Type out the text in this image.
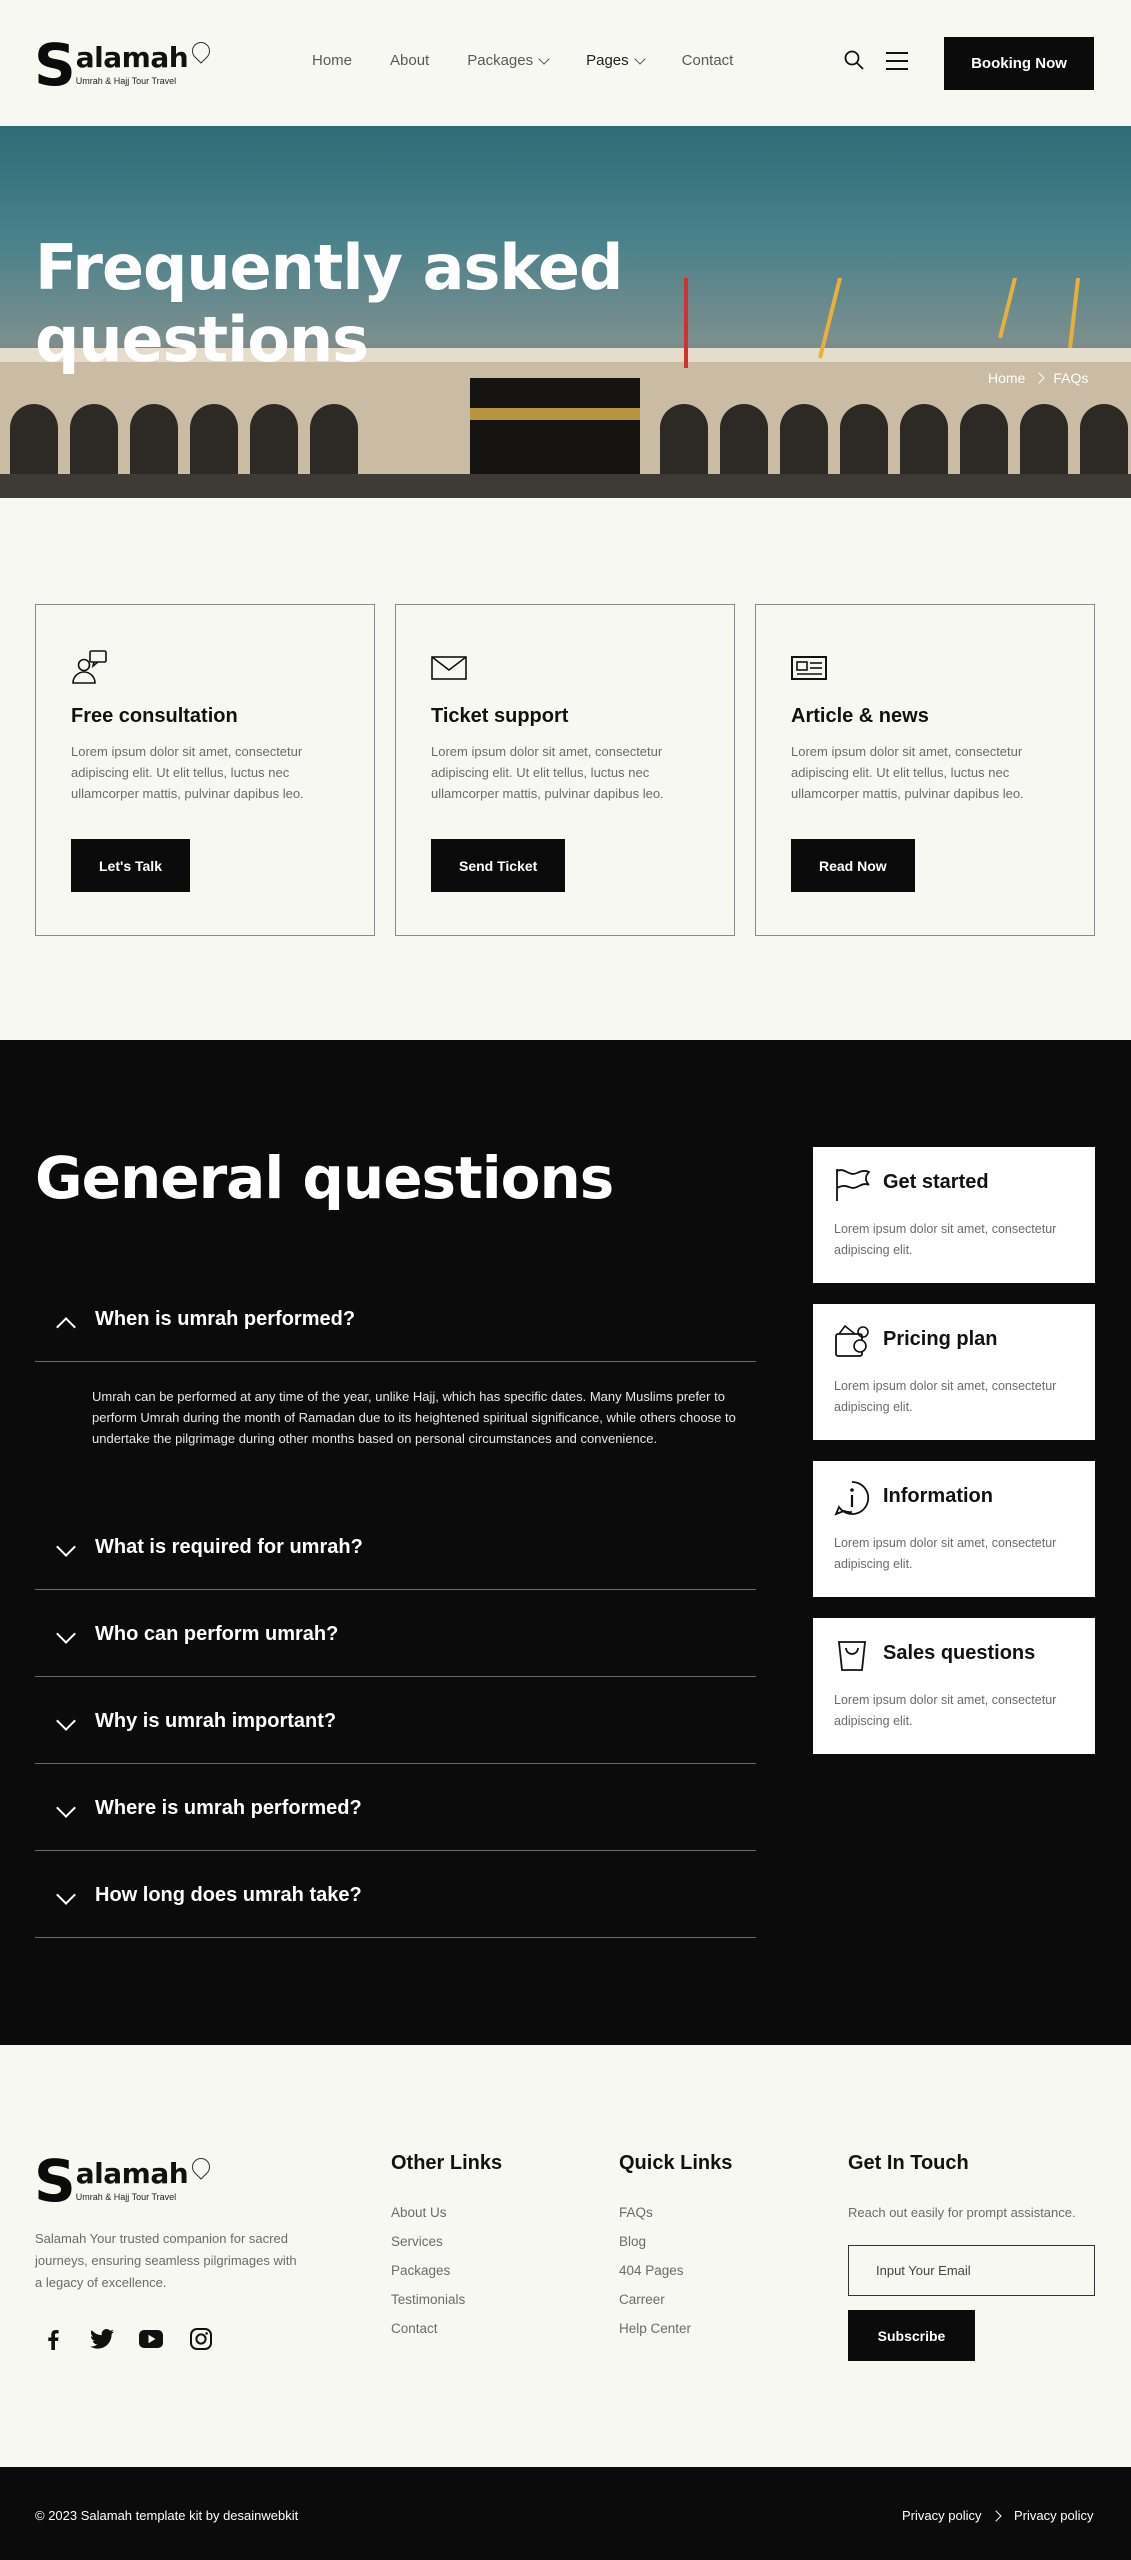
S alamah
Umrah & Hajj Tour Travel
Home	About	Packages	Pages	Contact	Booking Now
Frequently asked questions
Home FAQs
Free consultation
Lorem ipsum dolor sit amet, consectetur adipiscing elit. Ut elit tellus, luctus nec ullamcorper mattis, pulvinar dapibus leo.
Let's Talk
Ticket support
Lorem ipsum dolor sit amet, consectetur adipiscing elit. Ut elit tellus, luctus nec ullamcorper mattis, pulvinar dapibus leo.
Send Ticket
Article & news
Lorem ipsum dolor sit amet, consectetur adipiscing elit. Ut elit tellus, luctus nec ullamcorper mattis, pulvinar dapibus leo.
Read Now
General questions
When is umrah performed?
Umrah can be performed at any time of the year, unlike Hajj, which has specific dates. Many Muslims prefer to perform Umrah during the month of Ramadan due to its heightened spiritual significance, while others choose to undertake the pilgrimage during other months based on personal circumstances and convenience.
What is required for umrah?
Who can perform umrah?
Why is umrah important?
Where is umrah performed?
How long does umrah take?
Get started
Lorem ipsum dolor sit amet, consectetur adipiscing elit.
Pricing plan
Lorem ipsum dolor sit amet, consectetur adipiscing elit.
Information
Lorem ipsum dolor sit amet, consectetur adipiscing elit.
Sales questions
Lorem ipsum dolor sit amet, consectetur adipiscing elit.
S alamah
Umrah & Hajj Tour Travel
Salamah Your trusted companion for sacred journeys, ensuring seamless pilgrimages with a legacy of excellence.
Other Links
About Us
Services
Packages
Testimonials
Contact
Quick Links
FAQs
Blog
404 Pages
Carreer
Help Center
Get In Touch
Reach out easily for prompt assistance.
Input Your Email
Subscribe
© 2023 Salamah template kit by desainwebkit	Privacy policy	Privacy policy
